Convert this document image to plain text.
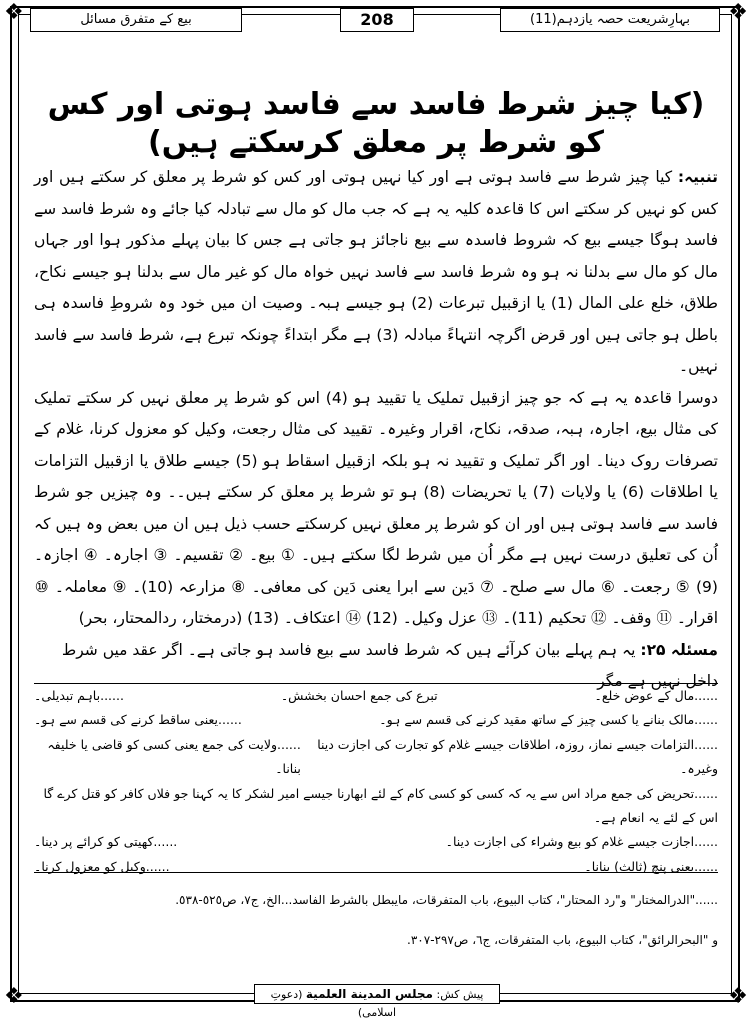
❖	❖
❖	❖
بہارِشریعت حصہ یازدہم(11)
208
بیع کے متفرق مسائل
(کیا چیز شرط فاسد سے فاسد ہوتی اور کس کو شرط پر معلق کرسکتے ہیں)

تنبیہ: کیا چیز شرط سے فاسد ہوتی ہے اور کیا نہیں ہوتی اور کس کو شرط پر معلق کر سکتے ہیں اور کس کو نہیں کر سکتے اس کا قاعدہ کلیہ یہ ہے کہ جب مال کو مال سے تبادلہ کیا جائے وہ شرط فاسد سے فاسد ہوگا جیسے بیع کہ شروط فاسدہ سے بیع ناجائز ہو جاتی ہے جس کا بیان پہلے مذکور ہوا اور جہاں مال کو مال سے بدلنا نہ ہو وہ شرط فاسد سے فاسد نہیں خواہ مال کو غیر مال سے بدلنا ہو جیسے نکاح، طلاق، خلع علی المال (1) یا ازقبیل تبرعات (2) ہو جیسے ہبہ۔ وصیت ان میں خود وہ شروطِ فاسدہ ہی باطل ہو جاتی ہیں اور قرض اگرچہ انتہاءً مبادلہ (3) ہے مگر ابتداءً چونکہ تبرع ہے، شرط فاسد سے فاسد نہیں۔

دوسرا قاعدہ یہ ہے کہ جو چیز ازقبیل تملیک یا تقیید ہو (4) اس کو شرط پر معلق نہیں کر سکتے تملیک کی مثال بیع، اجارہ، ہبہ، صدقہ، نکاح، اقرار وغیرہ۔ تقیید کی مثال رجعت، وکیل کو معزول کرنا، غلام کے تصرفات روک دینا۔ اور اگر تملیک و تقیید نہ ہو بلکہ ازقبیل اسقاط ہو (5) جیسے طلاق یا ازقبیل التزامات یا اطلاقات (6) یا ولایات (7) یا تحریضات (8) ہو تو شرط پر معلق کر سکتے ہیں۔۔ وہ چیزیں جو شرط فاسد سے فاسد ہوتی ہیں اور ان کو شرط پر معلق نہیں کرسکتے حسب ذیل ہیں ان میں بعض وہ ہیں کہ اُن کی تعلیق درست نہیں ہے مگر اُن میں شرط لگا سکتے ہیں۔ ① بیع۔ ② تقسیم۔ ③ اجارہ۔ ④ اجازہ۔ (9) ⑤ رجعت۔ ⑥ مال سے صلح۔ ⑦ دَین سے ابرا یعنی دَین کی معافی۔ ⑧ مزارعہ (10)۔ ⑨ معاملہ۔ ⑩ اقرار۔ ⑪ وقف۔ ⑫ تحکیم (11)۔ ⑬ عزل وکیل۔ (12) ⑭ اعتکاف۔ (13) (درمختار، ردالمحتار، بحر)

مسئلہ ۲۵: یہ ہم پہلے بیان کرآئے ہیں کہ شرط فاسد سے بیع فاسد ہو جاتی ہے۔ اگر عقد میں شرط داخل نہیں ہے مگر

......مال کے عوض خلع۔
تبرع کی جمع احسان بخشش۔
......باہم تبدیلی۔
......مالک بنانے یا کسی چیز کے ساتھ مقید کرنے کی قسم سے ہو۔
......یعنی ساقط کرنے کی قسم سے ہو۔
......التزامات جیسے نماز، روزہ، اطلاقات جیسے غلام کو تجارت کی اجازت دینا وغیرہ۔
......ولایت کی جمع یعنی کسی کو قاضی یا خلیفہ بنانا۔
......تحریض کی جمع مراد اس سے یہ کہ کسی کو کسی کام کے لئے ابھارنا جیسے امیر لشکر کا یہ کہنا جو فلاں کافر کو قتل کرے گا اس کے لئے یہ انعام ہے۔
......اجازت جیسے غلام کو بیع وشراء کی اجازت دینا۔
......کھیتی کو کرائے پر دینا۔
......یعنی پنچ (ثالث) بنانا۔
......وکیل کو معزول کرنا۔
......"الدرالمختار" و"رد المحتار"، كتاب البيوع، باب المتفرقات، مايبطل بالشرط الفاسد...الخ، ج٧، ص٥٢٥-٥٣٨.
و "البحرالرائق"، كتاب البيوع، باب المتفرقات، ج٦، ص٢٩٧-٣٠٧.
پیش کش: مجلس المدينة العلمية (دعوتِ اسلامی)
